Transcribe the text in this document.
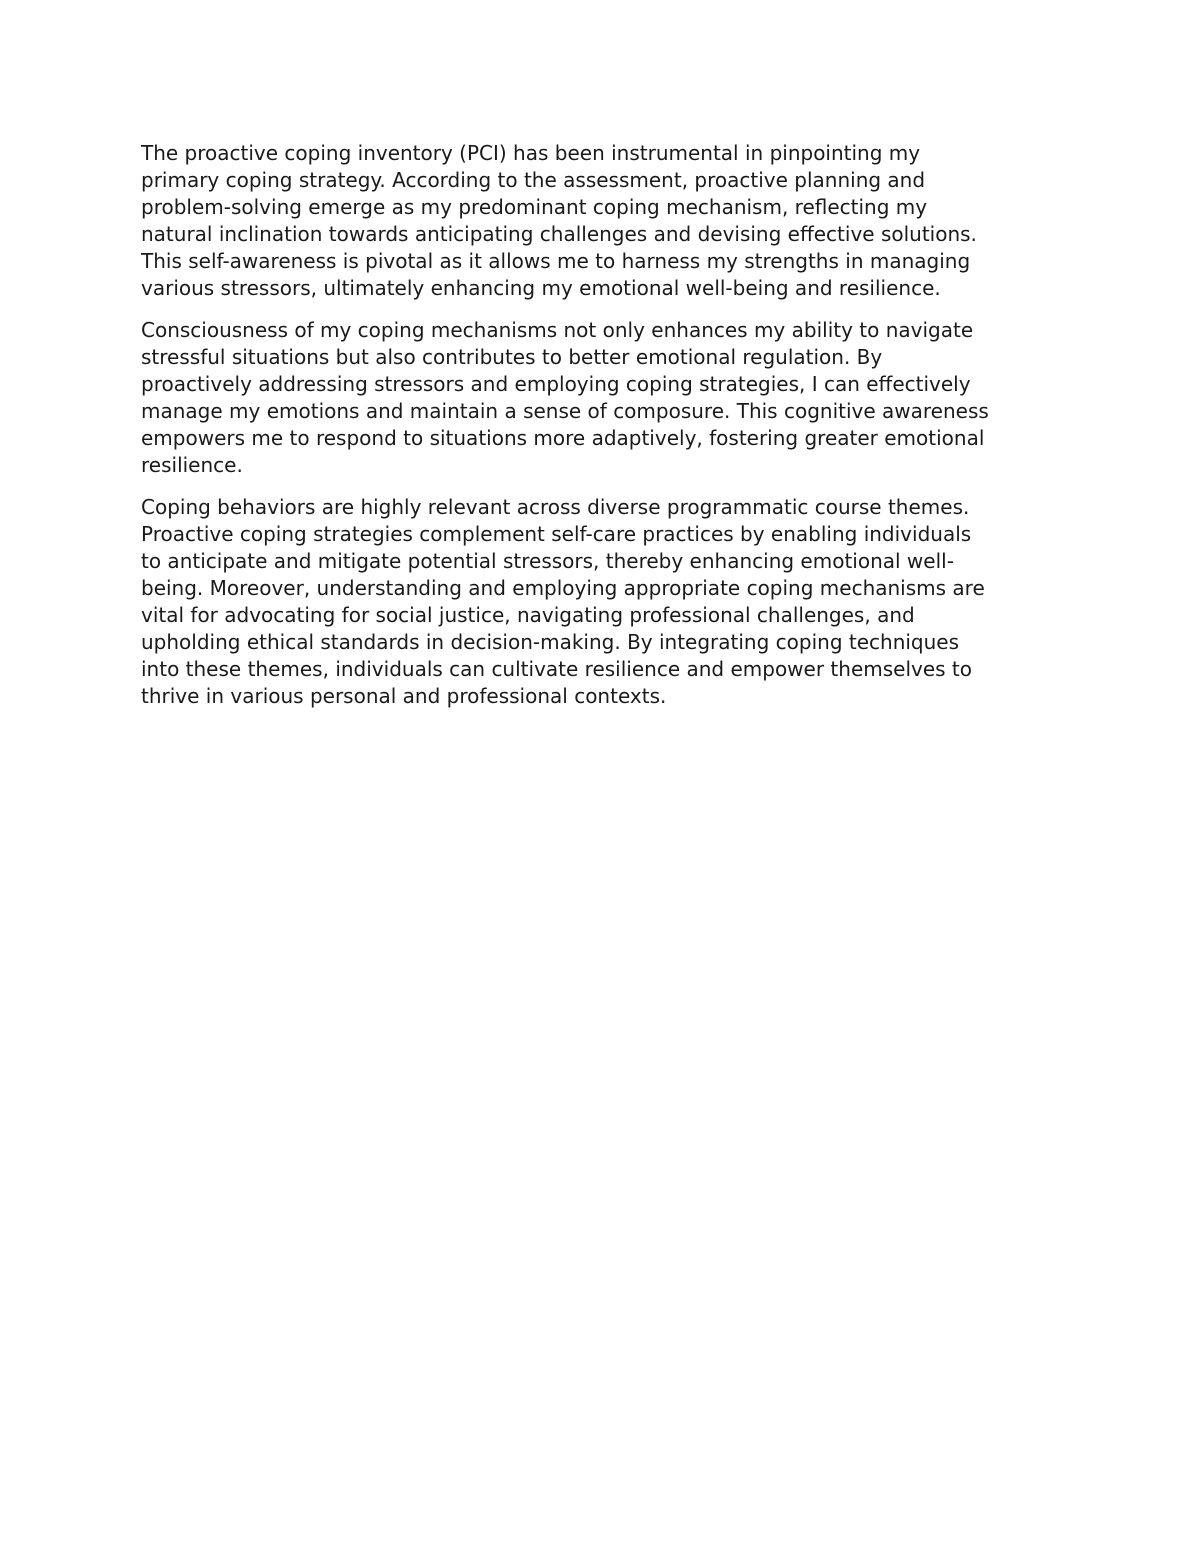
The proactive coping inventory (PCI) has been instrumental in pinpointing my
primary coping strategy. According to the assessment, proactive planning and
problem-solving emerge as my predominant coping mechanism, reflecting my
natural inclination towards anticipating challenges and devising effective solutions.
This self-awareness is pivotal as it allows me to harness my strengths in managing
various stressors, ultimately enhancing my emotional well-being and resilience.

Consciousness of my coping mechanisms not only enhances my ability to navigate
stressful situations but also contributes to better emotional regulation. By
proactively addressing stressors and employing coping strategies, I can effectively
manage my emotions and maintain a sense of composure. This cognitive awareness
empowers me to respond to situations more adaptively, fostering greater emotional
resilience.

Coping behaviors are highly relevant across diverse programmatic course themes.
Proactive coping strategies complement self-care practices by enabling individuals
to anticipate and mitigate potential stressors, thereby enhancing emotional well-
being. Moreover, understanding and employing appropriate coping mechanisms are
vital for advocating for social justice, navigating professional challenges, and
upholding ethical standards in decision-making. By integrating coping techniques
into these themes, individuals can cultivate resilience and empower themselves to
thrive in various personal and professional contexts.
